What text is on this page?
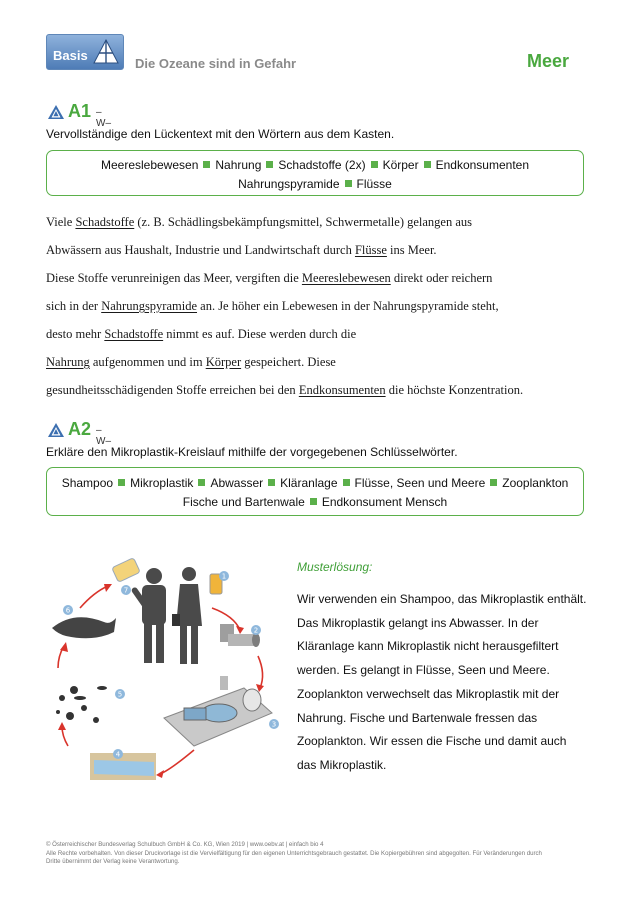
Basis
Die Ozeane sind in Gefahr	Meer
A1 –W–
Vervollständige den Lückentext mit den Wörtern aus dem Kasten.
Meereslebewesen Nahrung Schadstoffe (2x) Körper Endkonsumenten
Nahrungspyramide Flüsse
Viele Schadstoffe (z. B. Schädlingsbekämpfungsmittel, Schwermetalle) gelangen aus
Abwässern aus Haushalt, Industrie und Landwirtschaft durch Flüsse ins Meer.
Diese Stoffe verunreinigen das Meer, vergiften die Meereslebewesen direkt oder reichern
sich in der Nahrungspyramide an. Je höher ein Lebewesen in der Nahrungspyramide steht,
desto mehr Schadstoffe nimmt es auf. Diese werden durch die
Nahrung aufgenommen und im Körper gespeichert. Diese
gesundheitsschädigenden Stoffe erreichen bei den Endkonsumenten die höchste Konzentration.
A2 –W–
Erkläre den Mikroplastik-Kreislauf mithilfe der vorgegebenen Schlüsselwörter.
Shampoo Mikroplastik Abwasser Kläranlage Flüsse, Seen und Meere Zooplankton
Fische und Bartenwale Endkonsument Mensch
1
2
3
4
5
6
7
Musterlösung:
Wir verwenden ein Shampoo, das Mikroplastik enthält. Das Mikroplastik gelangt ins Abwasser. In der Kläranlage kann Mikroplastik nicht herausgefiltert werden. Es gelangt in Flüsse, Seen und Meere. Zooplankton verwechselt das Mikroplastik mit der Nahrung. Fische und Bartenwale fressen das Zooplankton. Wir essen die Fische und damit auch das Mikroplastik.
© Österreichischer Bundesverlag Schulbuch GmbH & Co. KG, Wien 2019 | www.oebv.at | einfach bio 4
Alle Rechte vorbehalten. Von dieser Druckvorlage ist die Vervielfältigung für den eigenen Unterrichtsgebrauch gestattet. Die Kopiergebühren sind abgegolten. Für Veränderungen durch
Dritte übernimmt der Verlag keine Verantwortung.
